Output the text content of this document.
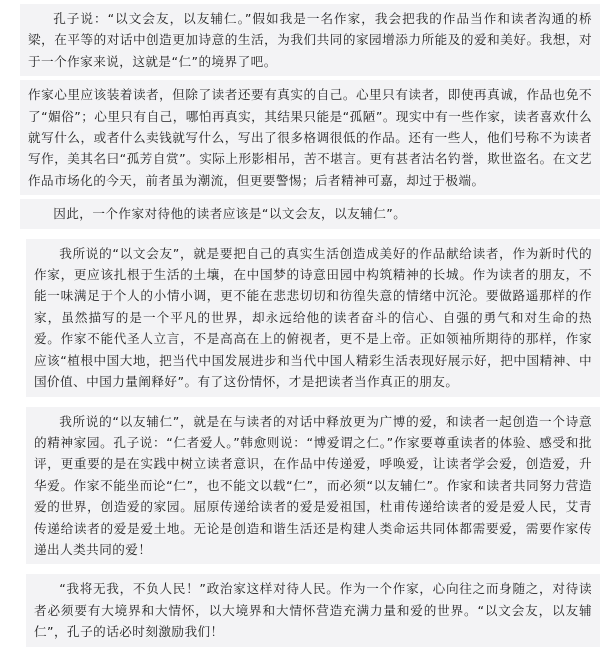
孔子说：“以文会友，以友辅仁。”假如我是一名作家，我会把我的作品当作和读者沟通的桥梁，在平等的对话中创造更加诗意的生活，为我们共同的家园增添力所能及的爱和美好。我想，对于一个作家来说，这就是“仁”的境界了吧。

作家心里应该装着读者，但除了读者还要有真实的自己。心里只有读者，即使再真诚，作品也免不了“媚俗”；心里只有自己，哪怕再真实，其结果只能是“孤陋”。现实中有一些作家，读者喜欢什么就写什么，或者什么卖钱就写什么，写出了很多格调很低的作品。还有一些人，他们号称不为读者写作，美其名曰“孤芳自赏”。实际上形影相吊，苦不堪言。更有甚者沽名钓誉，欺世盗名。在文艺作品市场化的今天，前者虽为潮流，但更要警惕；后者精神可嘉，却过于极端。

因此，一个作家对待他的读者应该是“以文会友，以友辅仁”。

我所说的“以文会友”，就是要把自己的真实生活创造成美好的作品献给读者，作为新时代的作家，更应该扎根于生活的土壤，在中国梦的诗意田园中构筑精神的长城。作为读者的朋友，不能一味满足于个人的小情小调，更不能在悲悲切切和彷徨失意的情绪中沉沦。要做路遥那样的作家，虽然描写的是一个平凡的世界，却永远给他的读者奋斗的信心、自强的勇气和对生命的热爱。作家不能代圣人立言，不是高高在上的俯视者，更不是上帝。正如领袖所期待的那样，作家应该“植根中国大地，把当代中国发展进步和当代中国人精彩生活表现好展示好，把中国精神、中国价值、中国力量阐释好”。有了这份情怀，才是把读者当作真正的朋友。

我所说的“以友辅仁”，就是在与读者的对话中释放更为广博的爱，和读者一起创造一个诗意的精神家园。孔子说：“仁者爱人。”韩愈则说：“博爱谓之仁。”作家要尊重读者的体验、感受和批评，更重要的是在实践中树立读者意识，在作品中传递爱，呼唤爱，让读者学会爱，创造爱，升华爱。作家不能坐而论“仁”，也不能文以载“仁”，而必须“以友辅仁”。作家和读者共同努力营造爱的世界，创造爱的家园。屈原传递给读者的爱是爱祖国，杜甫传递给读者的爱是爱人民，艾青传递给读者的爱是爱土地。无论是创造和谐生活还是构建人类命运共同体都需要爱，需要作家传递出人类共同的爱！

“我将无我，不负人民！”政治家这样对待人民。作为一个作家，心向往之而身随之，对待读者必须要有大境界和大情怀，以大境界和大情怀营造充满力量和爱的世界。“以文会友，以友辅仁”，孔子的话必时刻激励我们！
